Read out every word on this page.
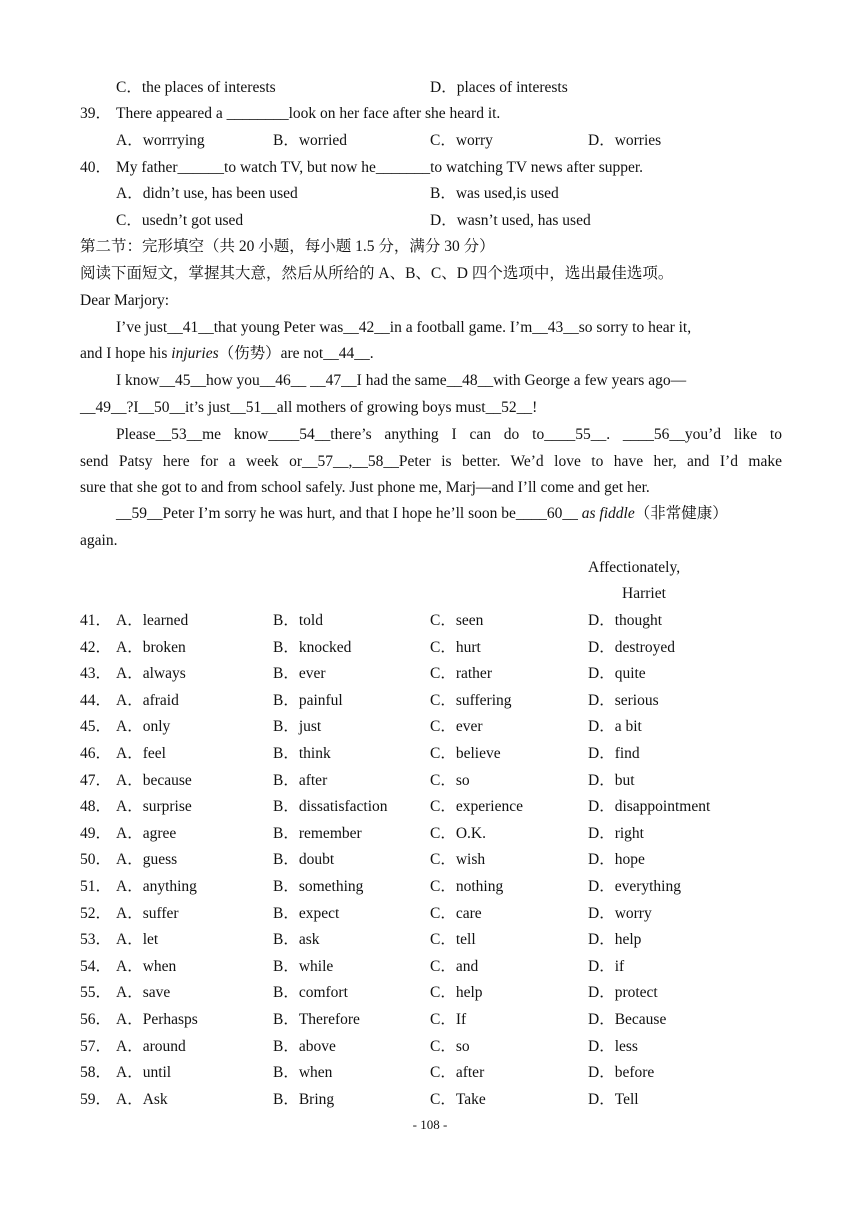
C．the places of interests	D．places of interests
39． There appeared a ________look on her face after she heard it.
A．worrrying	B．worried	C．worry	D．worries
40． My father______to watch TV, but now he_______to watching TV news after supper.
A．didn’t use, has been used	B．was used,is used
C．usedn’t got used	D．wasn’t used, has used
第二节：完形填空（共 20 小题，每小题 1.5 分，满分 30 分）
阅读下面短文，掌握其大意，然后从所给的 A、B、C、D 四个选项中，选出最佳选项。
Dear Marjory:
I’ve just__41__that young Peter was__42__in a football game. I’m__43__so sorry to hear it,
and I hope his injuries（伤势）are not__44__.
I know__45__how you__46__ __47__I had the same__48__with George a few years ago—
__49__?I__50__it’s just__51__all mothers of growing boys must__52__!
Please__53__me know____54__there’s anything I can do to____55__. ____56__you’d like to
send Patsy here for a week or__57__,__58__Peter is better. We’d love to have her, and I’d make
sure that she got to and from school safely. Just phone me, Marj—and I’ll come and get her.
__59__Peter I’m sorry he was hurt, and that I hope he’ll soon be____60__ as fiddle（非常健康）
again.
Affectionately,
Harriet
41． A．learned	B．told	C．seen	D．thought
42． A．broken	B．knocked	C．hurt	D．destroyed
43． A．always	B．ever	C．rather	D．quite
44． A．afraid	B．painful	C．suffering	D．serious
45． A．only	B．just	C．ever	D．a bit
46． A．feel	B．think	C．believe	D．find
47． A．because	B．after	C．so	D．but
48． A．surprise	B．dissatisfaction	C．experience	D．disappointment
49． A．agree	B．remember	C．O.K.	D．right
50． A．guess	B．doubt	C．wish	D．hope
51． A．anything	B．something	C．nothing	D．everything
52． A．suffer	B．expect	C．care	D．worry
53． A．let	B．ask	C．tell	D．help
54． A．when	B．while	C．and	D．if
55． A．save	B．comfort	C．help	D．protect
56． A．Perhasps	B．Therefore	C．If	D．Because
57． A．around	B．above	C．so	D．less
58． A．until	B．when	C．after	D．before
59． A．Ask	B．Bring	C．Take	D．Tell
- 108 -
